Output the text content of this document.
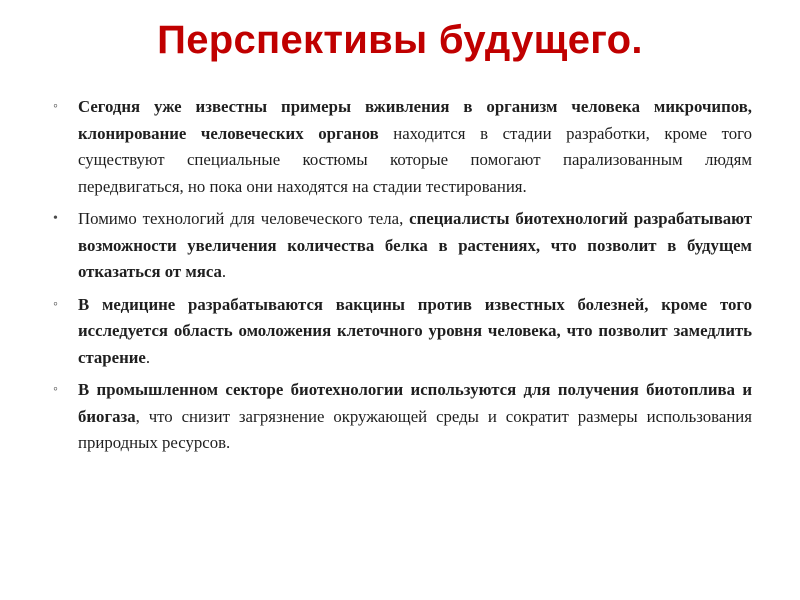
Перспективы будущего.
◦ Сегодня уже известны примеры вживления в организм человека микрочипов, клонирование человеческих органов находится в стадии разработки, кроме того существуют специальные костюмы которые помогают парализованным людям передвигаться, но пока они находятся на стадии тестирования.
• Помимо технологий для человеческого тела, специалисты биотехнологий разрабатывают возможности увеличения количества белка в растениях, что позволит в будущем отказаться от мяса.
◦ В медицине разрабатываются вакцины против известных болезней, кроме того исследуется область омоложения клеточного уровня человека, что позволит замедлить старение.
◦ В промышленном секторе биотехнологии используются для получения биотоплива и биогаза, что снизит загрязнение окружающей среды и сократит размеры использования природных ресурсов.
